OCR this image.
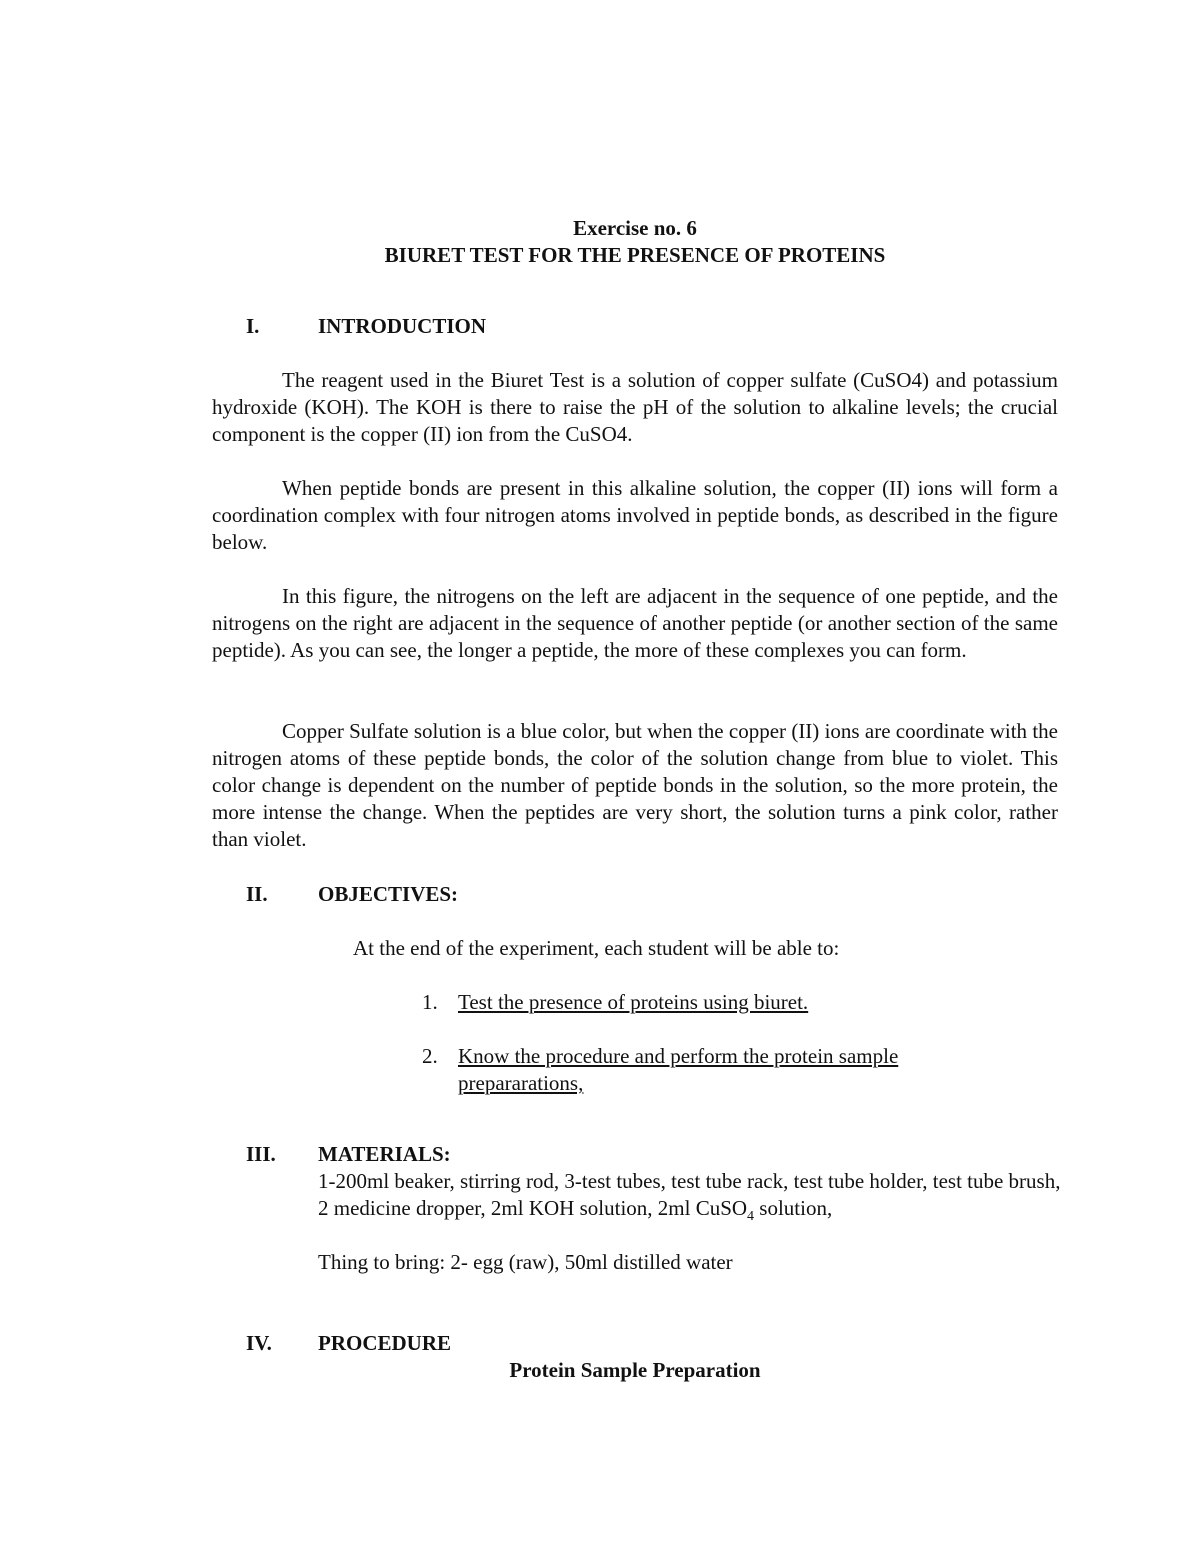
Exercise no. 6
BIURET TEST FOR THE PRESENCE OF PROTEINS
I.	INTRODUCTION

The reagent used in the Biuret Test is a solution of copper sulfate (CuSO4) and potassium hydroxide (KOH). The KOH is there to raise the pH of the solution to alkaline levels; the crucial component is the copper (II) ion from the CuSO4.

When peptide bonds are present in this alkaline solution, the copper (II) ions will form a coordination complex with four nitrogen atoms involved in peptide bonds, as described in the figure below.

In this figure, the nitrogens on the left are adjacent in the sequence of one peptide, and the nitrogens on the right are adjacent in the sequence of another peptide (or another section of the same peptide). As you can see, the longer a peptide, the more of these complexes you can form.

Copper Sulfate solution is a blue color, but when the copper (II) ions are coordinate with the nitrogen atoms of these peptide bonds, the color of the solution change from blue to violet. This color change is dependent on the number of peptide bonds in the solution, so the more protein, the more intense the change. When the peptides are very short, the solution turns a pink color, rather than violet.

II. OBJECTIVES:
At the end of the experiment, each student will be able to:
1. Test the presence of proteins using biuret.
2. Know the procedure and perform the protein sample prepararations,
III. MATERIALS:
1-200ml beaker, stirring rod, 3-test tubes, test tube rack, test tube holder, test tube brush, 2 medicine dropper, 2ml KOH solution, 2ml CuSO$_4$ solution,
Thing to bring: 2- egg (raw), 50ml distilled water
IV. PROCEDURE
Protein Sample Preparation
